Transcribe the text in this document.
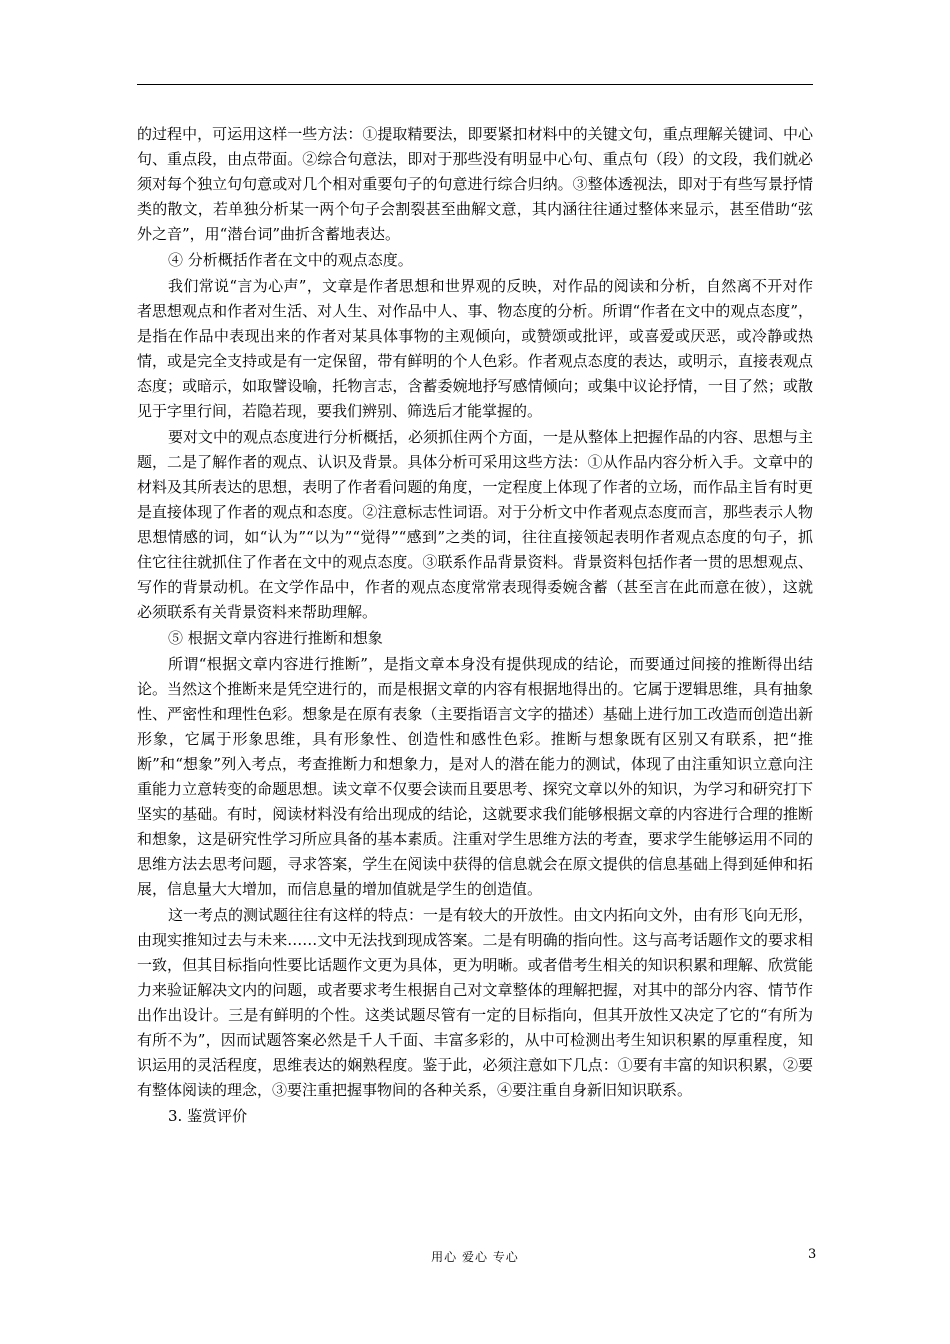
的过程中，可运用这样一些方法：①提取精要法，即要紧扣材料中的关键文句，重点理解关键词、中心句、重点段，由点带面。②综合句意法，即对于那些没有明显中心句、重点句（段）的文段，我们就必须对每个独立句句意或对几个相对重要句子的句意进行综合归纳。③整体透视法，即对于有些写景抒情类的散文，若单独分析某一两个句子会割裂甚至曲解文意，其内涵往往通过整体来显示，甚至借助“弦外之音”，用“潜台词”曲折含蓄地表达。

④ 分析概括作者在文中的观点态度。

我们常说“言为心声”，文章是作者思想和世界观的反映，对作品的阅读和分析，自然离不开对作者思想观点和作者对生活、对人生、对作品中人、事、物态度的分析。所谓“作者在文中的观点态度”，是指在作品中表现出来的作者对某具体事物的主观倾向，或赞颂或批评，或喜爱或厌恶，或冷静或热情，或是完全支持或是有一定保留，带有鲜明的个人色彩。作者观点态度的表达，或明示，直接表观点态度；或暗示，如取譬设喻，托物言志，含蓄委婉地抒写感情倾向；或集中议论抒情，一目了然；或散见于字里行间，若隐若现，要我们辨别、筛选后才能掌握的。

要对文中的观点态度进行分析概括，必须抓住两个方面，一是从整体上把握作品的内容、思想与主题，二是了解作者的观点、认识及背景。具体分析可采用这些方法：①从作品内容分析入手。文章中的材料及其所表达的思想，表明了作者看问题的角度，一定程度上体现了作者的立场，而作品主旨有时更是直接体现了作者的观点和态度。②注意标志性词语。对于分析文中作者观点态度而言，那些表示人物思想情感的词，如“认为”“以为”“觉得”“感到”之类的词，往往直接领起表明作者观点态度的句子，抓住它往往就抓住了作者在文中的观点态度。③联系作品背景资料。背景资料包括作者一贯的思想观点、写作的背景动机。在文学作品中，作者的观点态度常常表现得委婉含蓄（甚至言在此而意在彼），这就必须联系有关背景资料来帮助理解。

⑤ 根据文章内容进行推断和想象

所谓“根据文章内容进行推断”，是指文章本身没有提供现成的结论，而要通过间接的推断得出结论。当然这个推断来是凭空进行的，而是根据文章的内容有根据地得出的。它属于逻辑思维，具有抽象性、严密性和理性色彩。想象是在原有表象（主要指语言文字的描述）基础上进行加工改造而创造出新形象，它属于形象思维，具有形象性、创造性和感性色彩。推断与想象既有区别又有联系，把“推断”和“想象”列入考点，考查推断力和想象力，是对人的潜在能力的测试，体现了由注重知识立意向注重能力立意转变的命题思想。读文章不仅要会读而且要思考、探究文章以外的知识，为学习和研究打下坚实的基础。有时，阅读材料没有给出现成的结论，这就要求我们能够根据文章的内容进行合理的推断和想象，这是研究性学习所应具备的基本素质。注重对学生思维方法的考查，要求学生能够运用不同的思维方法去思考问题，寻求答案，学生在阅读中获得的信息就会在原文提供的信息基础上得到延伸和拓展，信息量大大增加，而信息量的增加值就是学生的创造值。

这一考点的测试题往往有这样的特点：一是有较大的开放性。由文内拓向文外，由有形飞向无形，由现实推知过去与未来……文中无法找到现成答案。二是有明确的指向性。这与高考话题作文的要求相一致，但其目标指向性要比话题作文更为具体，更为明晰。或者借考生相关的知识积累和理解、欣赏能力来验证解决文内的问题，或者要求考生根据自己对文章整体的理解把握，对其中的部分内容、情节作出作出设计。三是有鲜明的个性。这类试题尽管有一定的目标指向，但其开放性又决定了它的“有所为有所不为”，因而试题答案必然是千人千面、丰富多彩的，从中可检测出考生知识积累的厚重程度，知识运用的灵活程度，思维表达的娴熟程度。鉴于此，必须注意如下几点：①要有丰富的知识积累，②要有整体阅读的理念，③要注重把握事物间的各种关系，④要注重自身新旧知识联系。

3. 鉴赏评价

用心 爱心 专心	3
